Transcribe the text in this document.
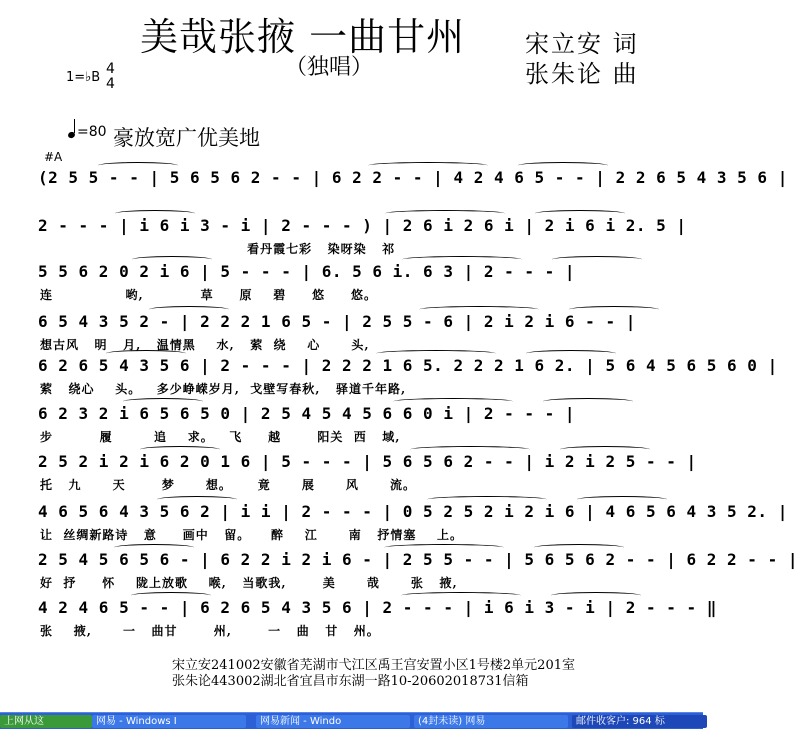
美哉张掖 一曲甘州
（独唱）
宋立安 词
张朱论 曲
1=♭B
4
4
=80 豪放宽广优美地
#A
(2 5 5 - - | 5 6 5 6 2 - - | 6 2 2 - - | 4 2 4 6 5 - - | 2 2 6 5 4 3 5 6 |
2 - - - | i 6 i 3 - i | 2 - - - ) | 2 6 i 2 6 i | 2 i 6 i 2. 5 |
看丹霞七彩   染呀染   祁
5 5 6 2 0 2 i 6 | 5 - - - | 6. 5 6 i. 6 3 | 2 - - - |
连              哟,           草     原    碧     悠     悠。
6 5 4 3 5 2 - | 2 2 2 1 6 5 - | 2 5 5 - 6 | 2 i 2 i 6 - - |
想古风   明   月,   温情黑    水,   萦  绕    心      头,
6 2 6 5 4 3 5 6 | 2 - - - | 2 2 2 1 6 5. 2 2 2 1 6 2. | 5 6 4 5 6 5 6 0 |
萦   绕心    头。   多少峥嵘岁月,  戈壁写春秋,   驿道千年路,
6 2 3 2 i 6 5 6 5 0 | 2 5 4 5 4 5 6 6 0 i | 2 - - - |
步         履        追    求。   飞     越       阳关  西   域,
2 5 2 i 2 i 6 2 0 1 6 | 5 - - - | 5 6 5 6 2 - - | i 2 i 2 5 - - |
托   九      天       梦      想。     竟      展      风      流。
4 6 5 6 4 3 5 6 2 | i i | 2 - - - | 0 5 2 5 2 i 2 i 6 | 4 6 5 6 4 3 5 2. |
让  丝绸新路诗   意     画中   留。    醉    江      南   抒情塞    上。
2 5 4 5 6 5 6 - | 6 2 2 i 2 i 6 - | 2 5 5 - - | 5 6 5 6 2 - - | 6 2 2 - - |
好  抒     怀    陇上放歌    喉,   当歌我,       美      哉      张   掖,
4 2 4 6 5 - - | 6 2 6 5 4 3 5 6 | 2 - - - | i 6 i 3 - i | 2 - - - ‖
张    掖,      一   曲甘       州,       一   曲   甘   州。
宋立安241002安徽省芜湖市弋江区禹王宫安置小区1号楼2单元201室
张朱论443002湖北省宜昌市东湖一路10-20602018731信箱
上网从这	网易 - Windows I	网易新闻 - Windo	(4封未读) 网易	邮件收客户: 964 标
